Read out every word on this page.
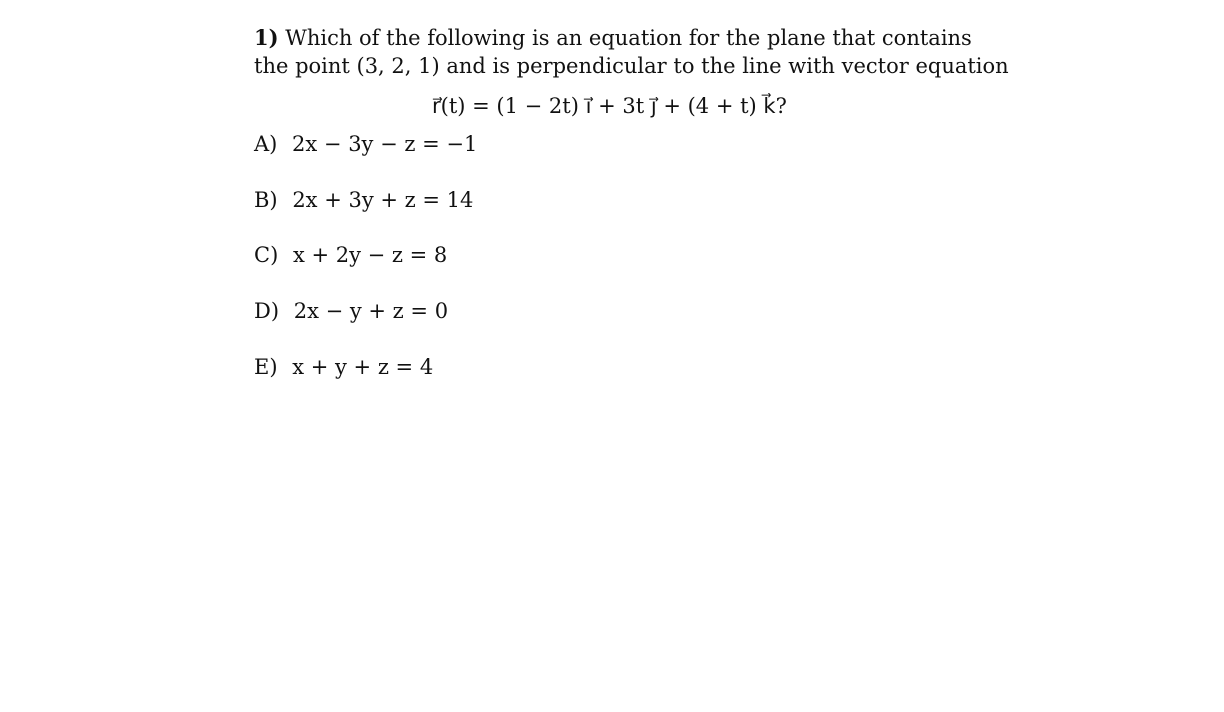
1) Which of the following is an equation for the plane that contains
the point (3, 2, 1) and is perpendicular to the line with vector equation
r⃗(t) = (1 − 2t) i⃗ + 3t j⃗ + (4 + t) k⃗?
A) 2x − 3y − z = −1
B) 2x + 3y + z = 14
C) x + 2y − z = 8
D) 2x − y + z = 0
E) x + y + z = 4
